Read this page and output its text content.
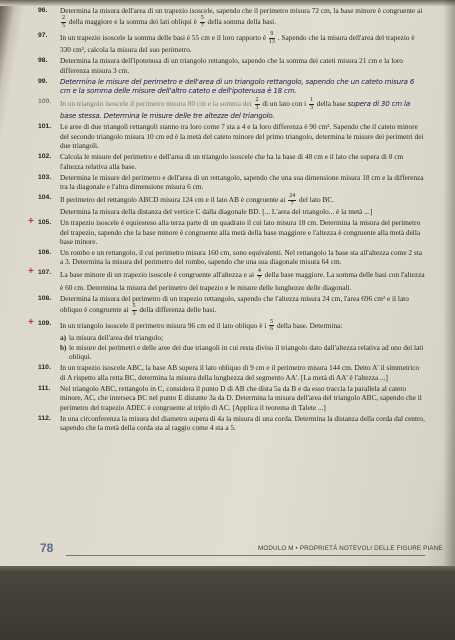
96. Determina la misura dell'area di un trapezio isoscele, sapendo che il perimetro misura 72 cm, la base minore è congruente ai
$\frac{2}{5}$ della maggiore e la somma dei lati obliqui è $\frac{5}{7}$ della somma della basi.
97. In un trapezio isoscele la somma delle basi è 55 cm e il loro rapporto è $\frac{9}{13}$ . Sapendo che la misura dell'area del trapezio è 330 cm², calcola la misura del suo perimetro.
98. Determina la misura dell'ipotenusa di un triangolo rettangolo, sapendo che la somma dei cateti misura 21 cm e la loro differenza misura 3 cm.
99. Determina le misure del perimetro e dell'area di un triangolo rettangolo, sapendo che un cateto misura 6 cm e la somma delle misure dell'altro cateto e dell'ipotenusa è 18 cm.
100. In un triangolo isoscele il perimetro misura 80 cm e la somma dei $\frac{2}{3}$ di un lato con i $\frac{1}{3}$ della base supera di 30 cm la base stessa. Determina le misure delle tre altezze del triangolo.
101. Le aree di due triangoli rettangoli stanno tra loro come 7 sta a 4 e la loro differenza è 90 cm². Sapendo che il cateto minore del secondo triangolo misura 10 cm ed è la metà del cateto minore del primo triangolo, determina le misure dei perimetri dei due triangoli.
102. Calcola le misure del perimetro e dell'area di un triangolo isoscele che ha la base di 48 cm e il lato che supera di 8 cm l'altezza relativa alla base.
103. Determina le misure del perimetro e dell'area di un rettangolo, sapendo che una sua dimensione misura 18 cm e la differenza tra la diagonale e l'altra dimensione misura 6 cm.
104. Il perimetro del rettangolo ABCD misura 124 cm e il lato AB è congruente ai $\frac{24}{7}$ del lato BC.
Determina la misura della distanza del vertice C dalla diagonale BD. [... L'area del triangolo... è la metà ...]
+ 105. Un trapezio isoscele è equiesteso alla terza parte di un quadrato il cui lato misura 18 cm. Determina la misura del perimetro del trapezio, sapendo che la base minore è congruente alla metà della base maggiore e l'altezza è congruente alla metà della base minore.
106. Un rombo e un rettangolo, il cui perimetro misura 160 cm, sono equivalenti. Nel rettangolo la base sta all'altezza come 2 sta a 3. Determina la misura del perimetro del rombo, sapendo che una sua diagonale misura 64 cm.
+ 107. La base minore di un trapezio isoscele è congruente all'altezza e ai $\frac{4}{7}$ della base maggiore. La somma delle basi con l'altezza è 60 cm. Determina la misura del perimetro del trapezio e le misure delle lunghezze delle diagonali.
108. Determina la misura del perimetro di un trapezio rettangolo, sapendo che l'altezza misura 24 cm, l'area 696 cm² e il lato obliquo è congruente ai $\frac{5}{3}$ della differenza delle basi.
+ 109. In un triangolo isoscele il perimetro misura 96 cm ed il lato obliquo è i $\frac{5}{6}$ della base. Determina:
a) la misura dell'area del triangolo;
b) le misure dei perimetri e delle aree dei due triangoli in cui resta diviso il triangolo dato dall'altezza relativa ad uno dei lati obliqui.
110. In un trapezio isoscele ABC, la base AB supera il lato obliquo di 9 cm e il perimetro misura 144 cm. Detto A' il simmetrico di A rispetto alla retta BC, determina la misura della lunghezza del segmento AA'. [La metà di AA' è l'altezza ...]
111. Nel triangolo ABC, rettangolo in C, considera il punto D di AB che dista 5a da B e da esso traccia la parallela al cateto minore, AC, che interseca BC nel punto E distante 3a da D. Determina la misura dell'area del triangolo ABC, sapendo che il perimetro del trapezio ADEC è congruente al triplo di AC. [Applica il teorema di Talete ...]
112. In una circonferenza la misura del diametro supera di 4a la misura di una corda. Determina la distanza della corda dal centro, sapendo che la metà della corda sta al raggio come 4 sta a 5.
78	MODULO M • PROPRIETÀ NOTEVOLI DELLE FIGURE PIANE
